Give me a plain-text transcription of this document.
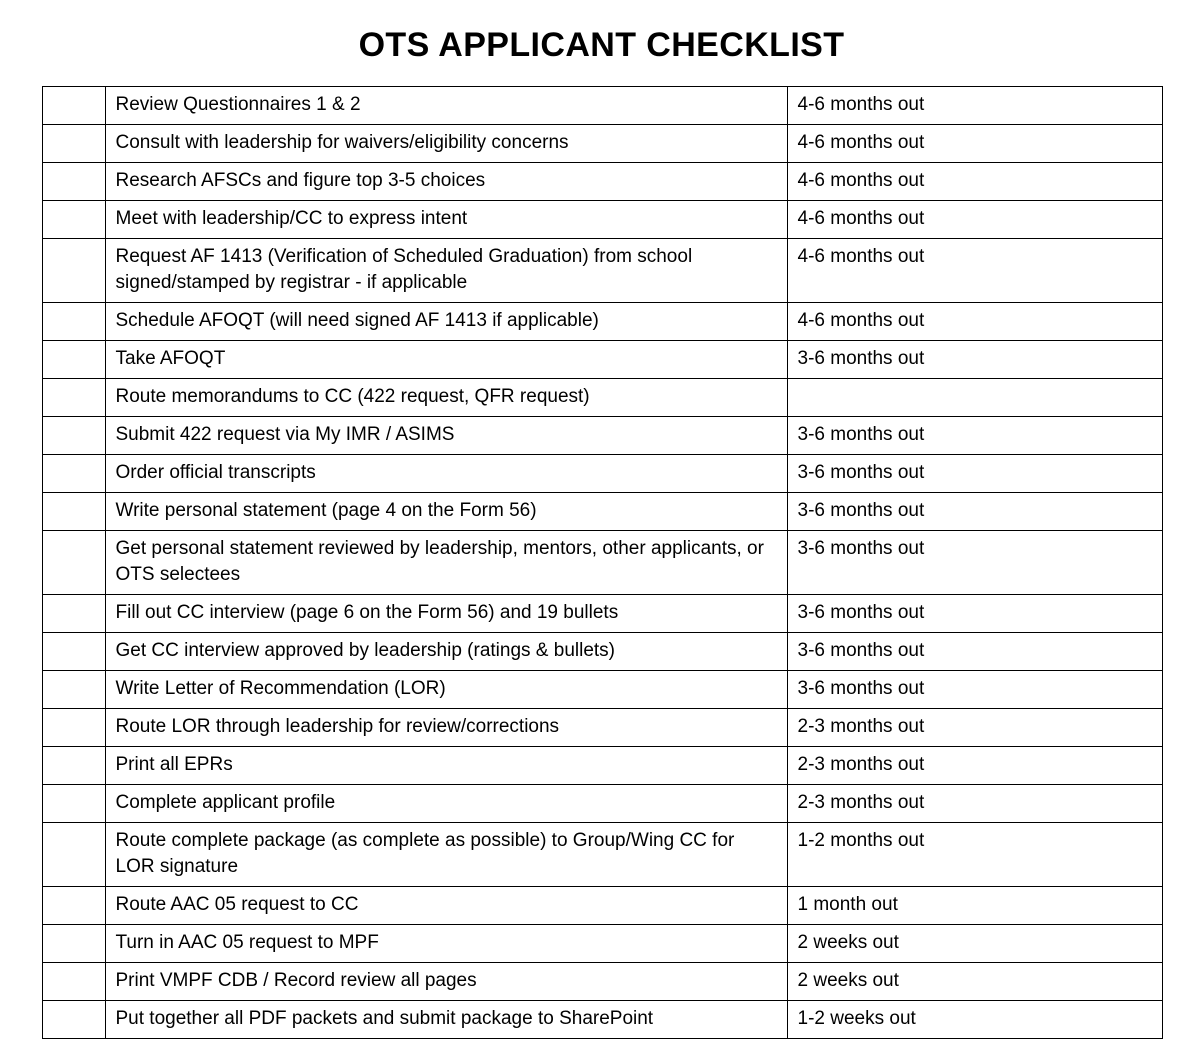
OTS APPLICANT CHECKLIST

	Review Questionnaires 1 & 2	4-6 months out

	Consult with leadership for waivers/eligibility concerns	4-6 months out

	Research AFSCs and figure top 3-5 choices	4-6 months out

	Meet with leadership/CC to express intent	4-6 months out

	Request AF 1413 (Verification of Scheduled Graduation) from school signed/stamped by registrar - if applicable	4-6 months out

	Schedule AFOQT (will need signed AF 1413 if applicable)	4-6 months out

	Take AFOQT	3-6 months out

	Route memorandums to CC (422 request, QFR request)	

	Submit 422 request via My IMR / ASIMS	3-6 months out

	Order official transcripts	3-6 months out

	Write personal statement (page 4 on the Form 56)	3-6 months out

	Get personal statement reviewed by leadership, mentors, other applicants, or OTS selectees	3-6 months out

	Fill out CC interview (page 6 on the Form 56) and 19 bullets	3-6 months out

	Get CC interview approved by leadership (ratings & bullets)	3-6 months out

	Write Letter of Recommendation (LOR)	3-6 months out

	Route LOR through leadership for review/corrections	2-3 months out

	Print all EPRs	2-3 months out

	Complete applicant profile	2-3 months out

	Route complete package (as complete as possible) to Group/Wing CC for LOR signature	1-2 months out

	Route AAC 05 request to CC	1 month out

	Turn in AAC 05 request to MPF	2 weeks out

	Print VMPF CDB / Record review all pages	2 weeks out

	Put together all PDF packets and submit package to SharePoint	1-2 weeks out
